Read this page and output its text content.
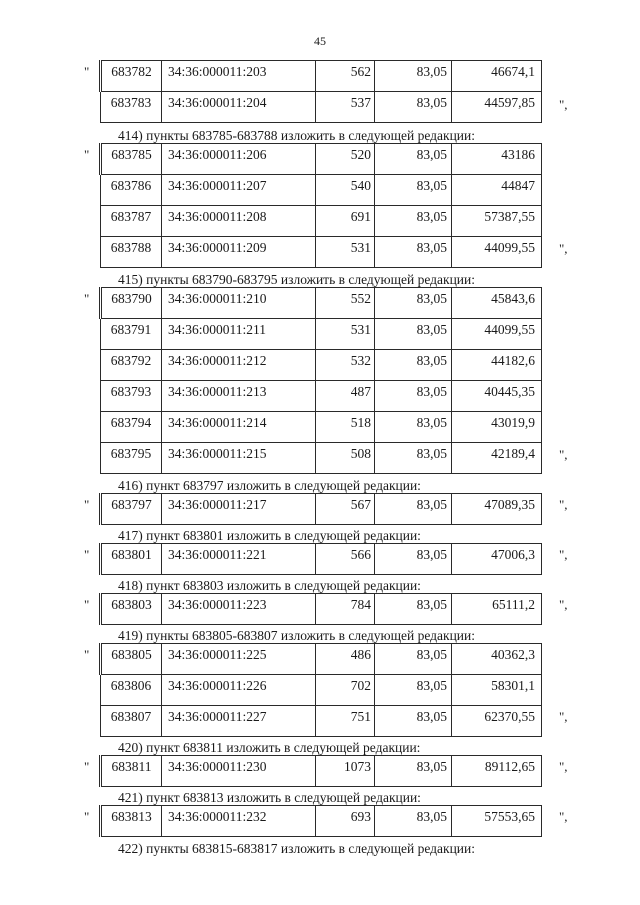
45
683782	34:36:000011:203	562	83,05	46674,1
683783	34:36:000011:204	537	83,05	44597,85
"
",
414) пункты 683785-683788 изложить в следующей редакции:
683785	34:36:000011:206	520	83,05	43186
683786	34:36:000011:207	540	83,05	44847
683787	34:36:000011:208	691	83,05	57387,55
683788	34:36:000011:209	531	83,05	44099,55
"
",
415) пункты 683790-683795 изложить в следующей редакции:
683790	34:36:000011:210	552	83,05	45843,6
683791	34:36:000011:211	531	83,05	44099,55
683792	34:36:000011:212	532	83,05	44182,6
683793	34:36:000011:213	487	83,05	40445,35
683794	34:36:000011:214	518	83,05	43019,9
683795	34:36:000011:215	508	83,05	42189,4
"
",
416) пункт 683797 изложить в следующей редакции:
683797	34:36:000011:217	567	83,05	47089,35
"	",
417) пункт 683801 изложить в следующей редакции:
683801	34:36:000011:221	566	83,05	47006,3
"	",
418) пункт 683803 изложить в следующей редакции:
683803	34:36:000011:223	784	83,05	65111,2
"	",
419) пункты 683805-683807 изложить в следующей редакции:
683805	34:36:000011:225	486	83,05	40362,3
683806	34:36:000011:226	702	83,05	58301,1
683807	34:36:000011:227	751	83,05	62370,55
"
",
420) пункт 683811 изложить в следующей редакции:
683811	34:36:000011:230	1073	83,05	89112,65
"	",
421) пункт 683813 изложить в следующей редакции:
683813	34:36:000011:232	693	83,05	57553,65
"	",
422) пункты 683815-683817 изложить в следующей редакции:
